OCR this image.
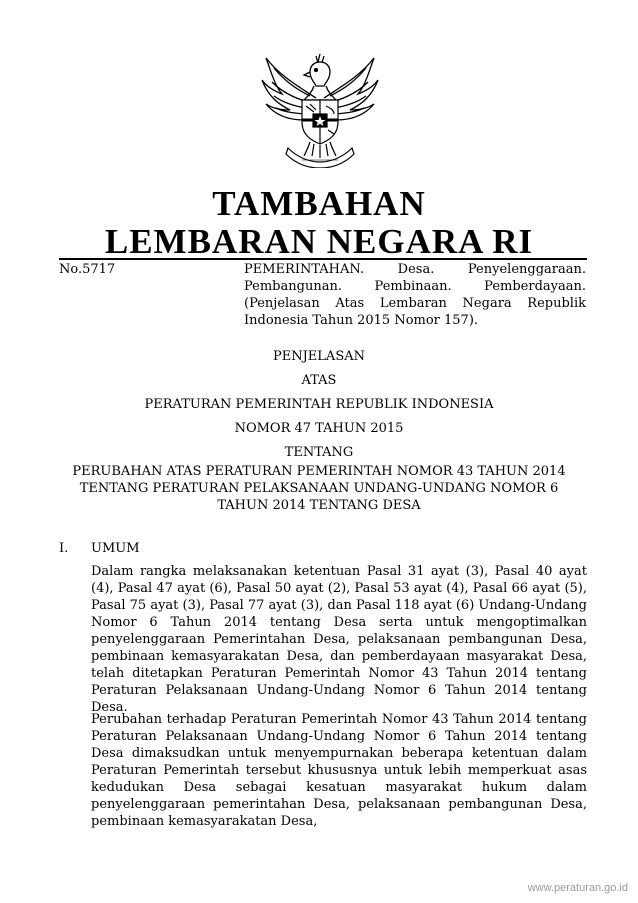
TAMBAHAN
LEMBARAN NEGARA RI
No.5717	PEMERINTAHAN. Desa. Penyelenggaraan. Pembangunan. Pembinaan. Pemberdayaan. (Penjelasan Atas Lembaran Negara Republik Indonesia Tahun 2015 Nomor 157).
PENJELASAN
ATAS
PERATURAN PEMERINTAH REPUBLIK INDONESIA
NOMOR 47 TAHUN 2015
TENTANG
PERUBAHAN ATAS PERATURAN PEMERINTAH NOMOR 43 TAHUN 2014 TENTANG PERATURAN PELAKSANAAN UNDANG-UNDANG NOMOR 6 TAHUN 2014 TENTANG DESA
I. UMUM

Dalam rangka melaksanakan ketentuan Pasal 31 ayat (3), Pasal 40 ayat (4), Pasal 47 ayat (6), Pasal 50 ayat (2), Pasal 53 ayat (4), Pasal 66 ayat (5), Pasal 75 ayat (3), Pasal 77 ayat (3), dan Pasal 118 ayat (6) Undang-Undang Nomor 6 Tahun 2014 tentang Desa serta untuk mengoptimalkan penyelenggaraan Pemerintahan Desa, pelaksanaan pembangunan Desa, pembinaan kemasyarakatan Desa, dan pemberdayaan masyarakat Desa, telah ditetapkan Peraturan Pemerintah Nomor 43 Tahun 2014 tentang Peraturan Pelaksanaan Undang-Undang Nomor 6 Tahun 2014 tentang Desa.

Perubahan terhadap Peraturan Pemerintah Nomor 43 Tahun 2014 tentang Peraturan Pelaksanaan Undang-Undang Nomor 6 Tahun 2014 tentang Desa dimaksudkan untuk menyempurnakan beberapa ketentuan dalam Peraturan Pemerintah tersebut khususnya untuk lebih memperkuat asas kedudukan Desa sebagai kesatuan masyarakat hukum dalam penyelenggaraan pemerintahan Desa, pelaksanaan pembangunan Desa, pembinaan kemasyarakatan Desa,

www.peraturan.go.id
